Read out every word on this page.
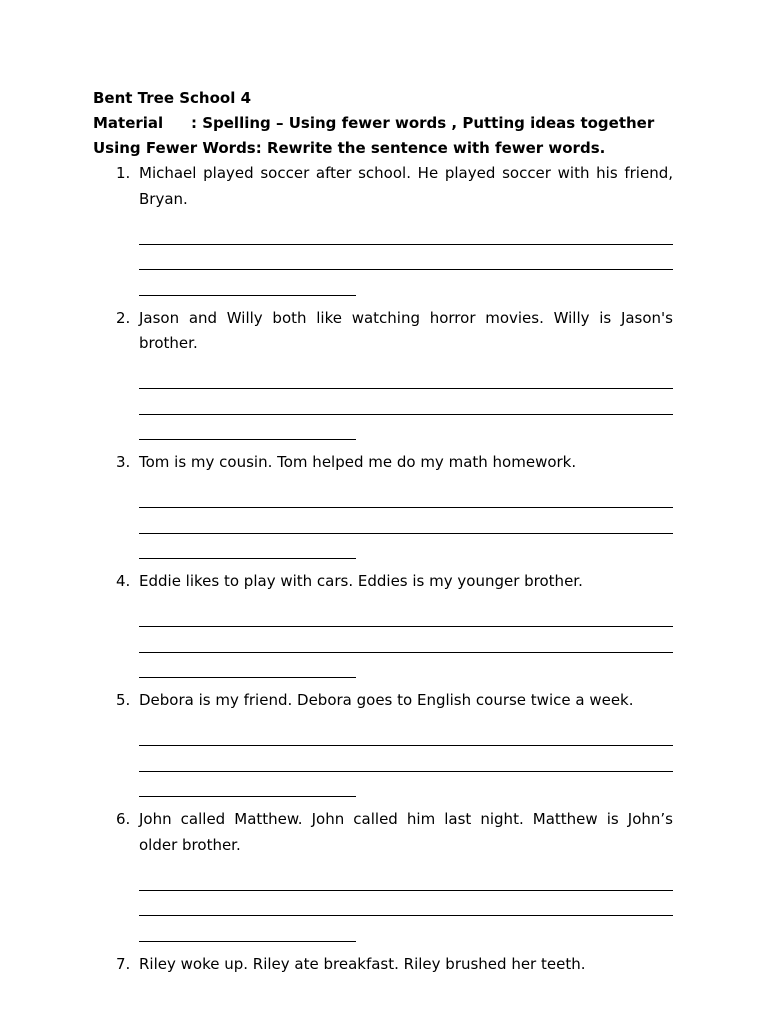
Bent Tree School 4
Material : Spelling – Using fewer words , Putting ideas together
Using Fewer Words: Rewrite the sentence with fewer words.
1. Michael played soccer after school. He played soccer with his friend, Bryan.
2. Jason and Willy both like watching horror movies. Willy is Jason's brother.
3. Tom is my cousin. Tom helped me do my math homework.
4. Eddie likes to play with cars. Eddies is my younger brother.
5. Debora is my friend. Debora goes to English course twice a week.
6. John called Matthew. John called him last night. Matthew is John’s older brother.
7. Riley woke up. Riley ate breakfast. Riley brushed her teeth.
